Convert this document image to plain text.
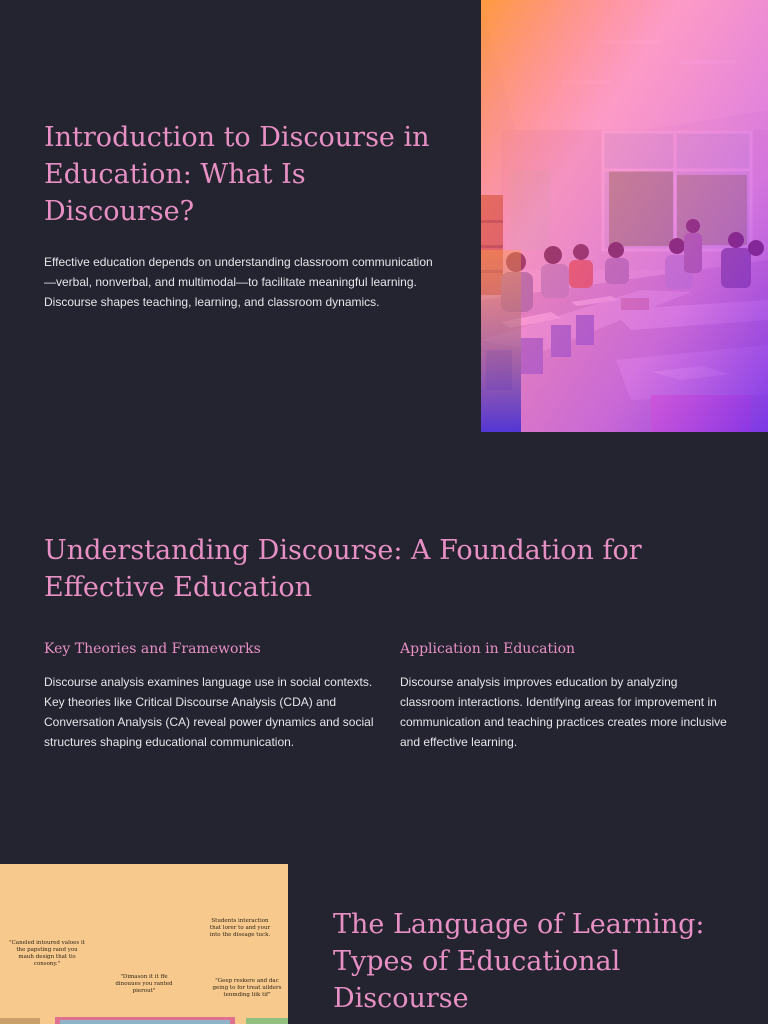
Introduction to Discourse in Education: What Is Discourse?

Effective education depends on understanding classroom communication—verbal, nonverbal, and multimodal—to facilitate meaningful learning. Discourse shapes teaching, learning, and classroom dynamics.

Understanding Discourse: A Foundation for Effective Education
Key Theories and Frameworks

Discourse analysis examines language use in social contexts. Key theories like Critical Discourse Analysis (CDA) and Conversation Analysis (CA) reveal power dynamics and social structures shaping educational communication.

Application in Education

Discourse analysis improves education by analyzing classroom interactions. Identifying areas for improvement in communication and teaching practices creates more inclusive and effective learning.

Students interaction that lorer to and your into the diseage tuck.
"Caneled intoured valoes it the papsting rand you mauh design that tis consony."
"Dimason it it ffe dinouues you ranted pierout"
"Geep reskere and dac geing to for treat uilders tenmding liik tif"
The Language of Learning: Types of Educational Discourse
